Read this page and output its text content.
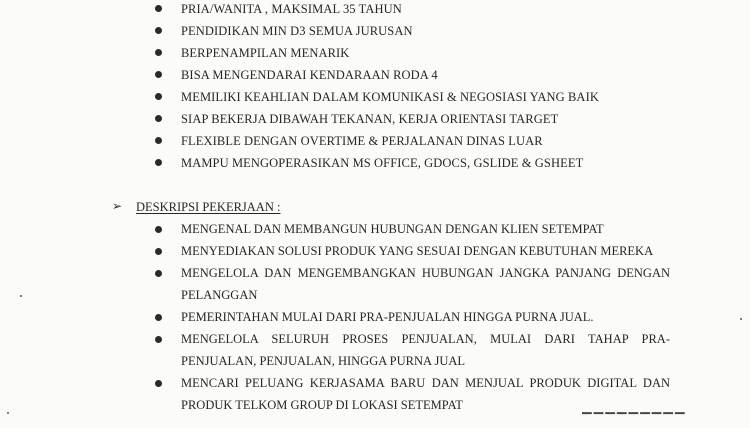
PRIA/WANITA , MAKSIMAL 35 TAHUN
PENDIDIKAN MIN D3 SEMUA JURUSAN
BERPENAMPILAN MENARIK
BISA MENGENDARAI KENDARAAN RODA 4
MEMILIKI KEAHLIAN DALAM KOMUNIKASI & NEGOSIASI YANG BAIK
SIAP BEKERJA DIBAWAH TEKANAN, KERJA ORIENTASI TARGET
FLEXIBLE DENGAN OVERTIME & PERJALANAN DINAS LUAR
MAMPU MENGOPERASIKAN MS OFFICE, GDOCS, GSLIDE & GSHEET
➢ DESKRIPSI PEKERJAAN :
MENGENAL DAN MEMBANGUN HUBUNGAN DENGAN KLIEN SETEMPAT
MENYEDIAKAN SOLUSI PRODUK YANG SESUAI DENGAN KEBUTUHAN MEREKA
MENGELOLA DAN MENGEMBANGKAN HUBUNGAN JANGKA PANJANG DENGAN PELANGGAN
PEMERINTAHAN MULAI DARI PRA-PENJUALAN HINGGA PURNA JUAL.
MENGELOLA SELURUH PROSES PENJUALAN, MULAI DARI TAHAP PRA-PENJUALAN, PENJUALAN, HINGGA PURNA JUAL
MENCARI PELUANG KERJASAMA BARU DAN MENJUAL PRODUK DIGITAL DAN PRODUK TELKOM GROUP DI LOKASI SETEMPAT
▔▔▔▔▔▔▔▔▔
